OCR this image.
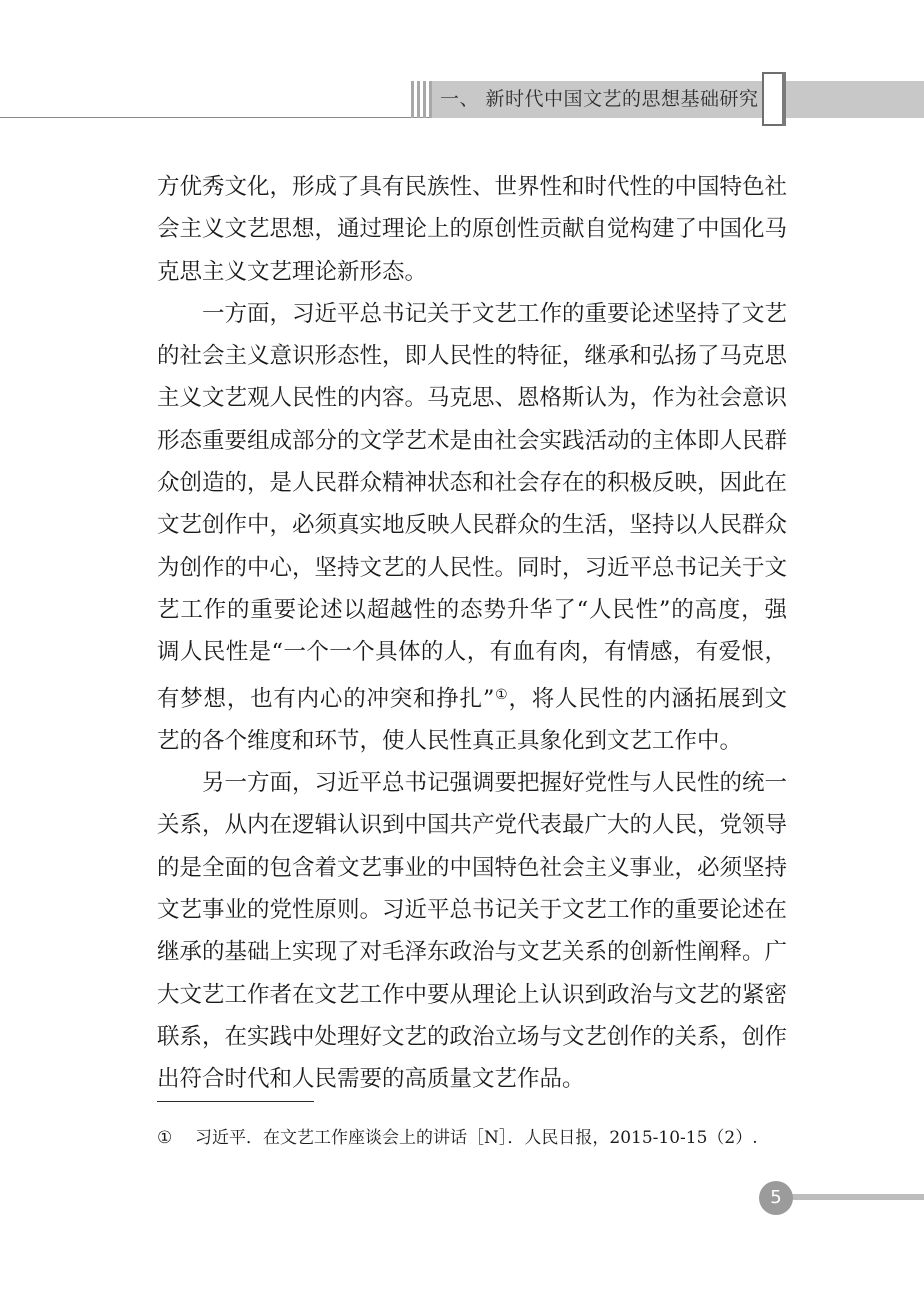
一、 新时代中国文艺的思想基础研究

方优秀文化，形成了具有民族性、世界性和时代性的中国特色社会主义文艺思想，通过理论上的原创性贡献自觉构建了中国化马克思主义文艺理论新形态。

一方面，习近平总书记关于文艺工作的重要论述坚持了文艺的社会主义意识形态性，即人民性的特征，继承和弘扬了马克思主义文艺观人民性的内容。马克思、恩格斯认为，作为社会意识形态重要组成部分的文学艺术是由社会实践活动的主体即人民群众创造的，是人民群众精神状态和社会存在的积极反映，因此在文艺创作中，必须真实地反映人民群众的生活，坚持以人民群众为创作的中心，坚持文艺的人民性。同时，习近平总书记关于文艺工作的重要论述以超越性的态势升华了“人民性”的高度，强调人民性是“一个一个具体的人，有血有肉，有情感，有爱恨，有梦想，也有内心的冲突和挣扎”①，将人民性的内涵拓展到文艺的各个维度和环节，使人民性真正具象化到文艺工作中。

另一方面，习近平总书记强调要把握好党性与人民性的统一关系，从内在逻辑认识到中国共产党代表最广大的人民，党领导的是全面的包含着文艺事业的中国特色社会主义事业，必须坚持文艺事业的党性原则。习近平总书记关于文艺工作的重要论述在继承的基础上实现了对毛泽东政治与文艺关系的创新性阐释。广大文艺工作者在文艺工作中要从理论上认识到政治与文艺的紧密联系，在实践中处理好文艺的政治立场与文艺创作的关系，创作出符合时代和人民需要的高质量文艺作品。

① 习近平．在文艺工作座谈会上的讲话［N］．人民日报，2015-10-15（2）.
5
